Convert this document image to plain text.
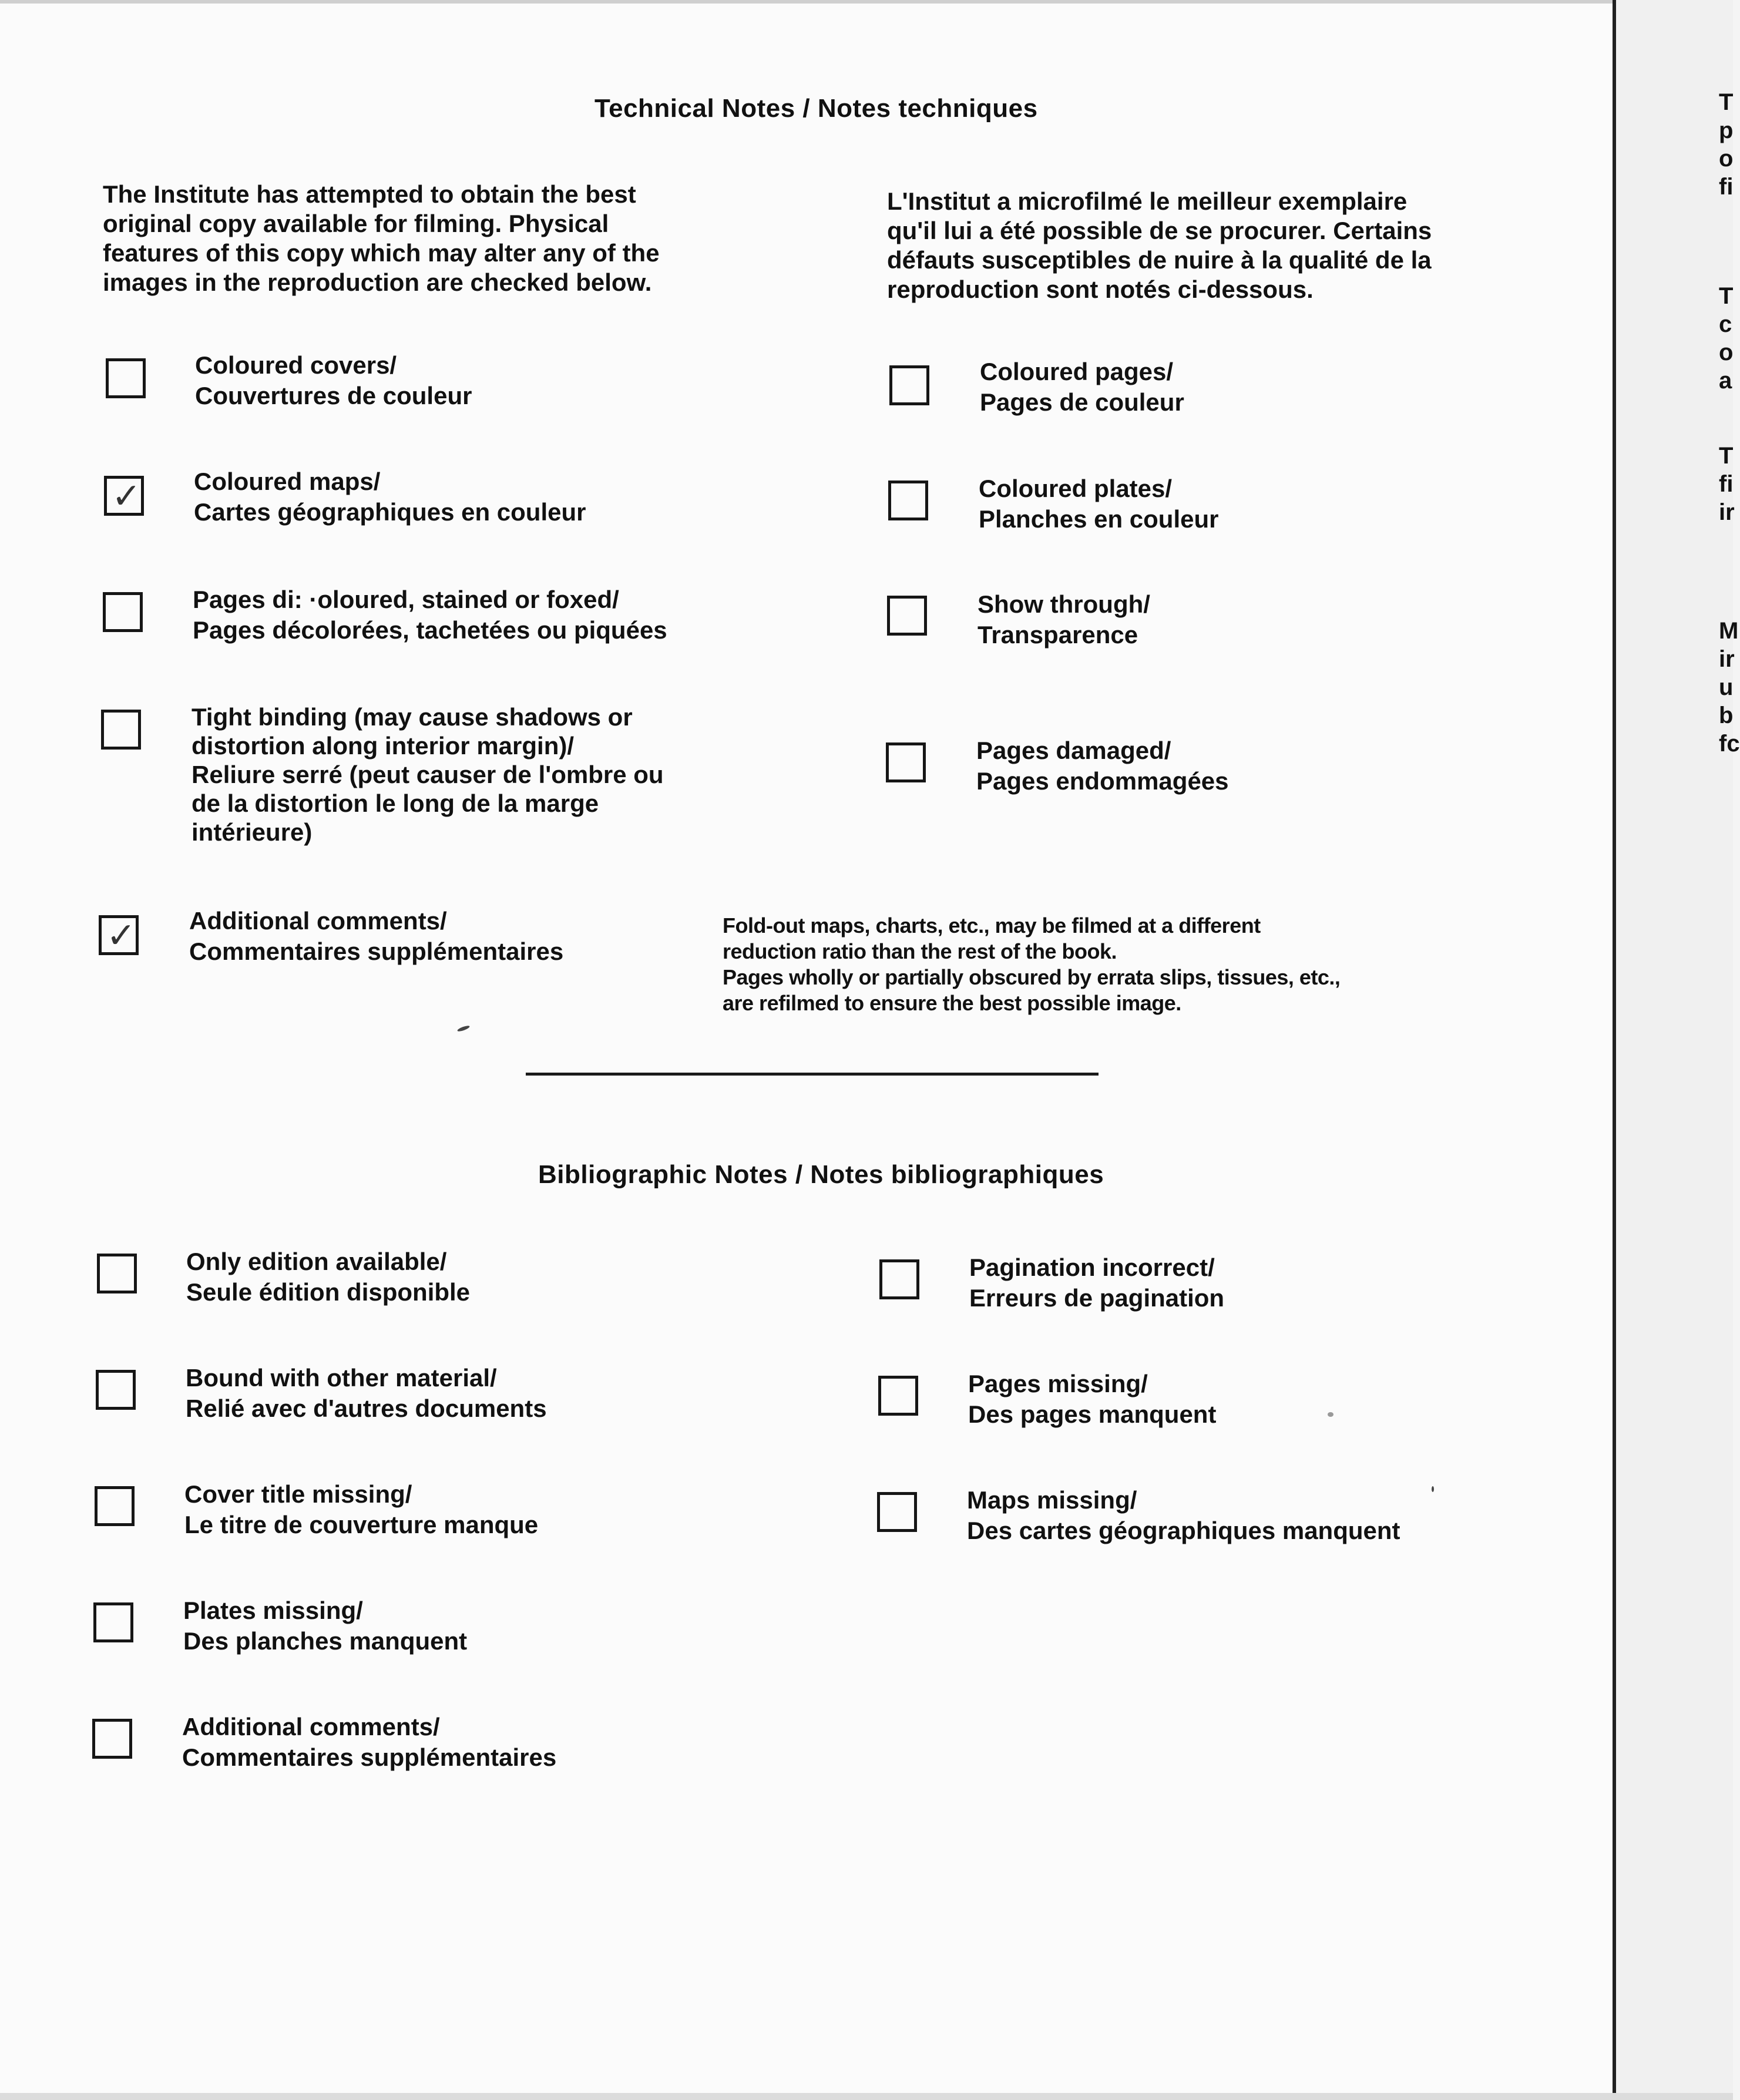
Technical Notes / Notes techniques
The Institute has attempted to obtain the best
original copy available for filming. Physical
features of this copy which may alter any of the
images in the reproduction are checked below.
L'Institut a microfilmé le meilleur exemplaire
qu'il lui a été possible de se procurer. Certains
défauts susceptibles de nuire à la qualité de la
reproduction sont notés ci-dessous.
Coloured covers/
Couvertures de couleur
✓ Coloured maps/
Cartes géographiques en couleur
Pages di: ·oloured, stained or foxed/
Pages décolorées, tachetées ou piquées
Tight binding (may cause shadows or
distortion along interior margin)/
Reliure serré (peut causer de l'ombre ou
de la distortion le long de la marge
intérieure)
✓ Additional comments/
Commentaires supplémentaires
Coloured pages/
Pages de couleur
Coloured plates/
Planches en couleur
Show through/
Transparence
Pages damaged/
Pages endommagées
Fold-out maps, charts, etc., may be filmed at a different
reduction ratio than the rest of the book.
Pages wholly or partially obscured by errata slips, tissues, etc.,
are refilmed to ensure the best possible image.
Bibliographic Notes / Notes bibliographiques
Only edition available/
Seule édition disponible
Bound with other material/
Relié avec d'autres documents
Cover title missing/
Le titre de couverture manque
Plates missing/
Des planches manquent
Additional comments/
Commentaires supplémentaires
Pagination incorrect/
Erreurs de pagination
Pages missing/
Des pages manquent
Maps missing/
Des cartes géographiques manquent
T
p
o
fi
T
c
o
a
T
fi
ir
M
ir
u
b
fc
